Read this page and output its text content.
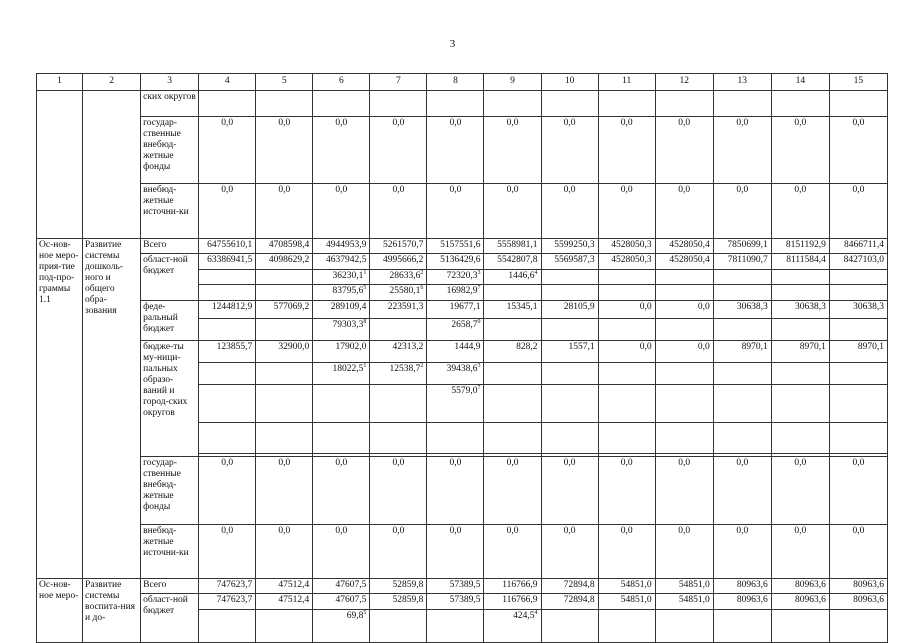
3
1	2	3	4	5	6	7	8	9	10	11	12	13	14	15
		ских округов												
		государ-ственные внебюд-жетные фонды	0,0	0,0	0,0	0,0	0,0	0,0	0,0	0,0	0,0	0,0	0,0	0,0
		внебюд-жетные источни-ки	0,0	0,0	0,0	0,0	0,0	0,0	0,0	0,0	0,0	0,0	0,0	0,0
Ос-нов-ное меро-прия-тие под-про-граммы 1.1	Развитие системы дошколь-ного и общего обра-зования	Всего	64755610,1	4708598,4	4944953,9	5261570,7	5157551,6	5558981,1	5599250,3	4528050,3	4528050,4	7850699,1	8151192,9	8466711,4
		област-ной бюджет	63386941,5	4098629,2	4637942,5	4995666,2	5136429,6	5542807,8	5569587,3	4528050,3	4528050,4	7811090,7	8111584,4	8427103,0
					36230,1$^1$	28633,6$^2$	72320,3$^3$	1446,6$^4$						
					83795,6$^5$	25580,1$^6$	16982,9$^7$							
		феде-ральный бюджет	1244812,9	577069,2	289109,4	223591,3	19677,1	15345,1	28105,9	0,0	0,0	30638,3	30638,3	30638,3
					79303,3$^8$		2658,7$^9$							
		бюдже-ты му-ници-пальных образо-ваний и город-ских округов	123855,7	32900,0	17902,0	42313,2	1444,9	828,2	1557,1	0,0	0,0	8970,1	8970,1	8970,1
					18022,5$^1$	12538,7$^2$	39438,6$^3$							
							5579,0$^7$							

		государ-ственные внебюд-жетные фонды	0,0	0,0	0,0	0,0	0,0	0,0	0,0	0,0	0,0	0,0	0,0	0,0
		внебюд-жетные источни-ки	0,0	0,0	0,0	0,0	0,0	0,0	0,0	0,0	0,0	0,0	0,0	0,0
Ос-нов-ное меро-	Развитие системы воспита-ния и до-	Всего	747623,7	47512,4	47607,5	52859,8	57389,5	116766,9	72894,8	54851,0	54851,0	80963,6	80963,6	80963,6
		област-ной бюджет	747623,7	47512,4	47607,5	52859,8	57389,5	116766,9	72894,8	54851,0	54851,0	80963,6	80963,6	80963,6
					69,8$^5$			424,5$^4$						
